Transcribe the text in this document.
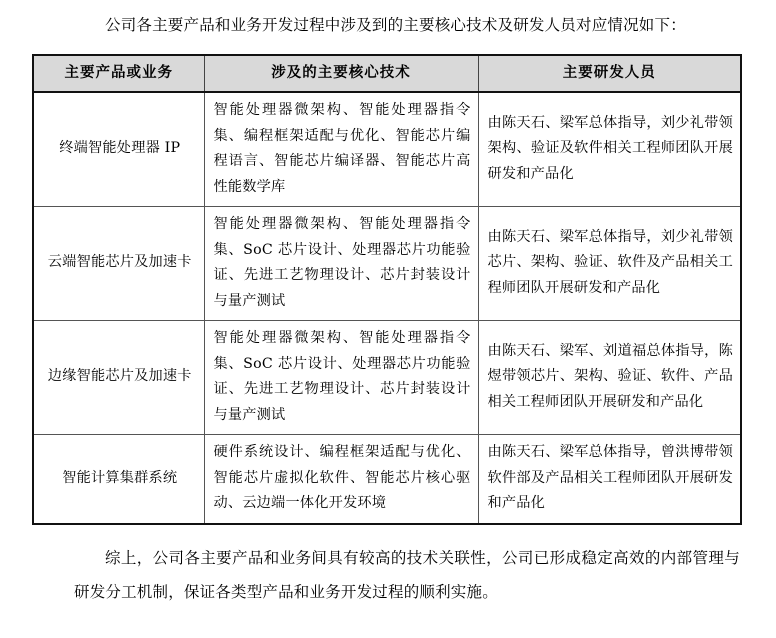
公司各主要产品和业务开发过程中涉及到的主要核心技术及研发人员对应情况如下：

主要产品或业务	涉及的主要核心技术	主要研发人员
终端智能处理器 IP	智能处理器微架构、智能处理器指令集、编程框架适配与优化、智能芯片编程语言、智能芯片编译器、智能芯片高性能数学库	由陈天石、梁军总体指导，刘少礼带领架构、验证及软件相关工程师团队开展研发和产品化
云端智能芯片及加速卡	智能处理器微架构、智能处理器指令集、SoC 芯片设计、处理器芯片功能验证、先进工艺物理设计、芯片封装设计与量产测试	由陈天石、梁军总体指导，刘少礼带领芯片、架构、验证、软件及产品相关工程师团队开展研发和产品化
边缘智能芯片及加速卡	智能处理器微架构、智能处理器指令集、SoC 芯片设计、处理器芯片功能验证、先进工艺物理设计、芯片封装设计与量产测试	由陈天石、梁军、刘道福总体指导，陈煜带领芯片、架构、验证、软件、产品相关工程师团队开展研发和产品化
智能计算集群系统	硬件系统设计、编程框架适配与优化、智能芯片虚拟化软件、智能芯片核心驱动、云边端一体化开发环境	由陈天石、梁军总体指导，曾洪博带领软件部及产品相关工程师团队开展研发和产品化

综上，公司各主要产品和业务间具有较高的技术关联性，公司已形成稳定高效的内部管理与研发分工机制，保证各类型产品和业务开发过程的顺利实施。
